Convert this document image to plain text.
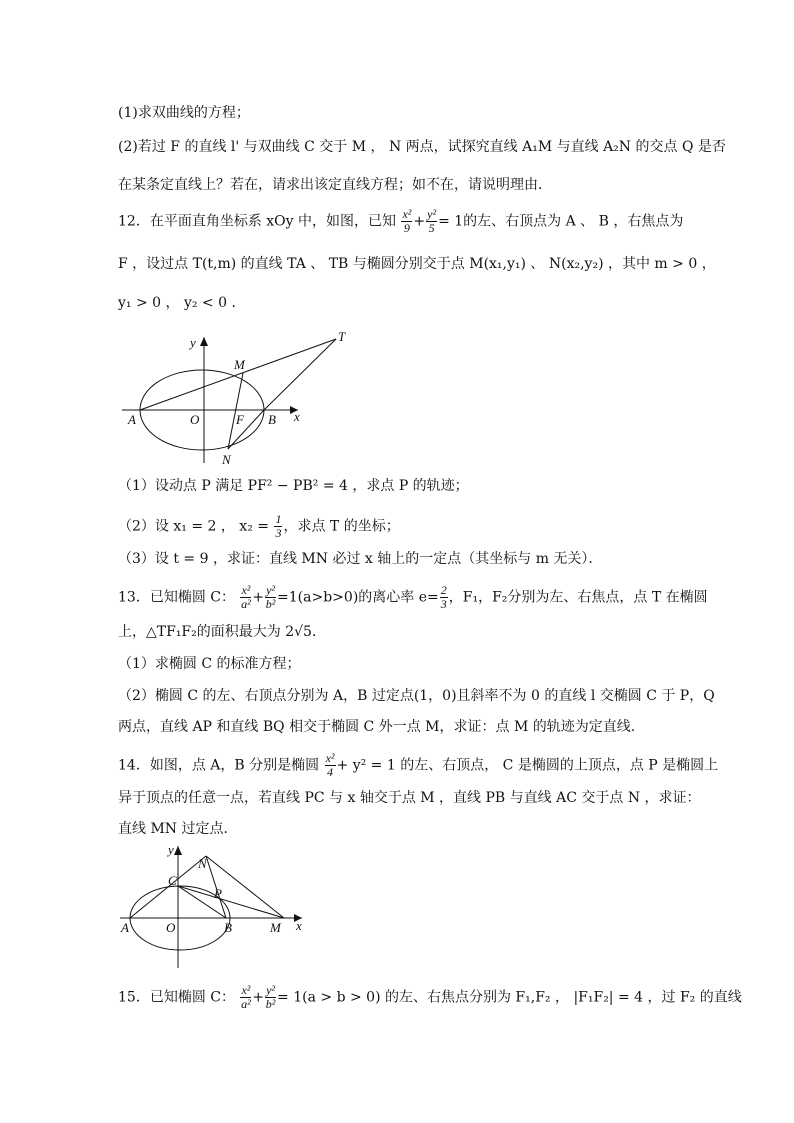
(1)求双曲线的方程；
(2)若过 F 的直线 l' 与双曲线 C 交于 M ， N 两点，试探究直线 A₁M 与直线 A₂N 的交点 Q 是否
在某条定直线上？若在，请求出该定直线方程；如不在，请说明理由．
12．在平面直角坐标系 xOy 中，如图，已知 $\frac{\text{x²}}{9} + \frac{\text{y²}}{5} = 1$的左、右顶点为 A 、 B ，右焦点为
F ，设过点 T(t,m) 的直线 TA 、 TB 与椭圆分别交于点 M(x₁,y₁) 、 N(x₂,y₂) ，其中 m > 0 ，
y₁ > 0 ， y₂ < 0 ．
y
M
T
A	O	F B x
N
（1）设动点 P 满足 PF² − PB² = 4 ，求点 P 的轨迹；
（2）设 x₁ = 2 ， $x_2 = \frac{1}{3}$ ，求点 T 的坐标；
（3）设 t = 9 ，求证：直线 MN 必过 x 轴上的一定点（其坐标与 m 无关）．
13．已知椭圆 C： $\frac{\text{x²}}{\text{a²}} + \frac{\text{y²}}{\text{b²}} =1(a>b>0)$的离心率 $e= \frac{2}{3}$ ，F₁，F₂分别为左、右焦点，点 T 在椭圆
上，△TF₁F₂的面积最大为 2√5．
（1）求椭圆 C 的标准方程；
（2）椭圆 C 的左、右顶点分别为 A，B 过定点(1，0)且斜率不为 0 的直线 l 交椭圆 C 于 P，Q
两点，直线 AP 和直线 BQ 相交于椭圆 C 外一点 M，求证：点 M 的轨迹为定直线.
14．如图，点 A，B 分别是椭圆 $\frac{\text{x²}}{4} + y^2 = 1$ 的左、右顶点， C 是椭圆的上顶点，点 P 是椭圆上
异于顶点的任意一点，若直线 PC 与 x 轴交于点 M ，直线 PB 与直线 AC 交于点 N ，求证：
直线 MN 过定点．
y
N
C
P
A	O	B	M x
15．已知椭圆 C： $\frac{\text{x²}}{\text{a²}} + \frac{\text{y²}}{\text{b²}} = 1(a > b > 0)$ 的左、右焦点分别为 F₁,F₂ ， |F₁F₂| = 4 ，过 F₂ 的直线
